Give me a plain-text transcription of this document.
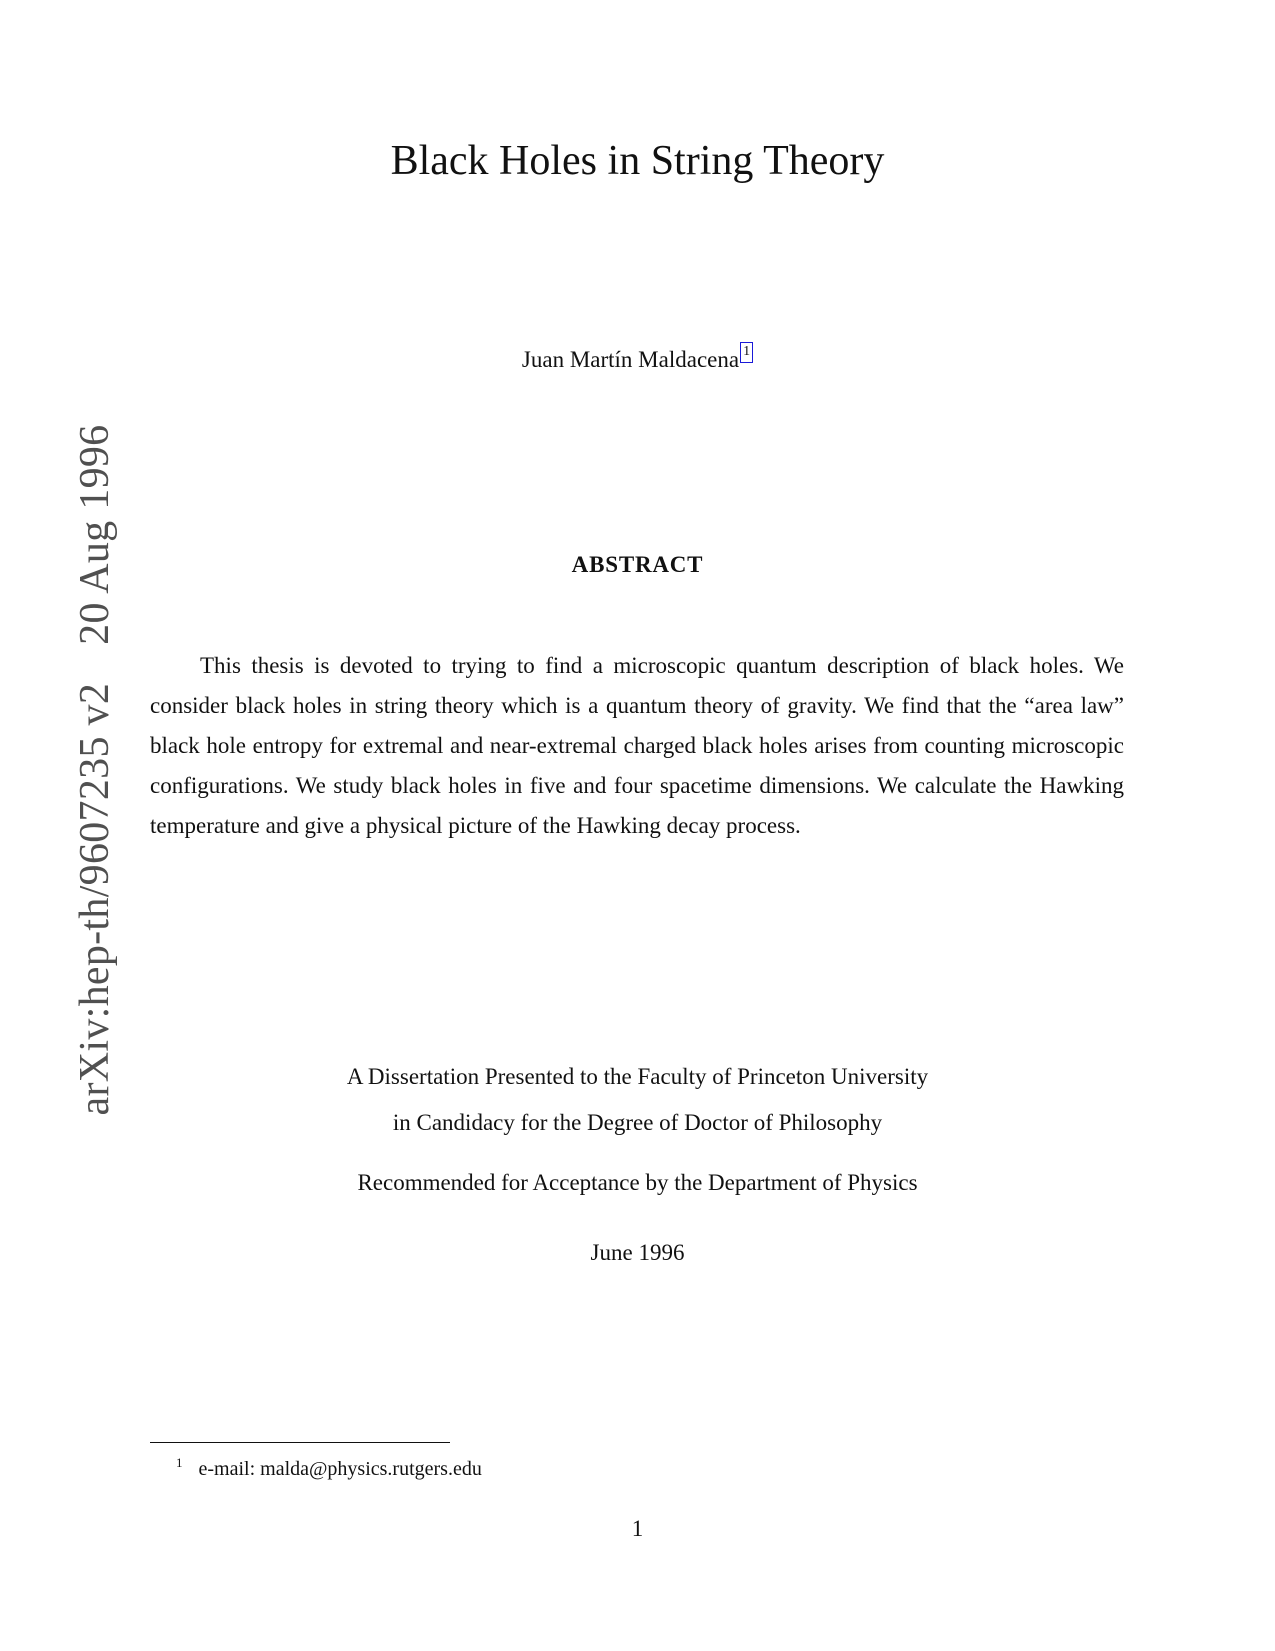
arXiv:hep-th/9607235 v220 Aug 1996
Black Holes in String Theory
Juan Martín Maldacena 1
ABSTRACT

This thesis is devoted to trying to find a microscopic quantum description of black holes. We consider black holes in string theory which is a quantum theory of gravity. We find that the “area law” black hole entropy for extremal and near-extremal charged black holes arises from counting microscopic configurations. We study black holes in five and four spacetime dimensions. We calculate the Hawking temperature and give a physical picture of the Hawking decay process.

A Dissertation Presented to the Faculty of Princeton University
in Candidacy for the Degree of Doctor of Philosophy
Recommended for Acceptance by the Department of Physics
June 1996
$^1$ e-mail: malda@physics.rutgers.edu
1
